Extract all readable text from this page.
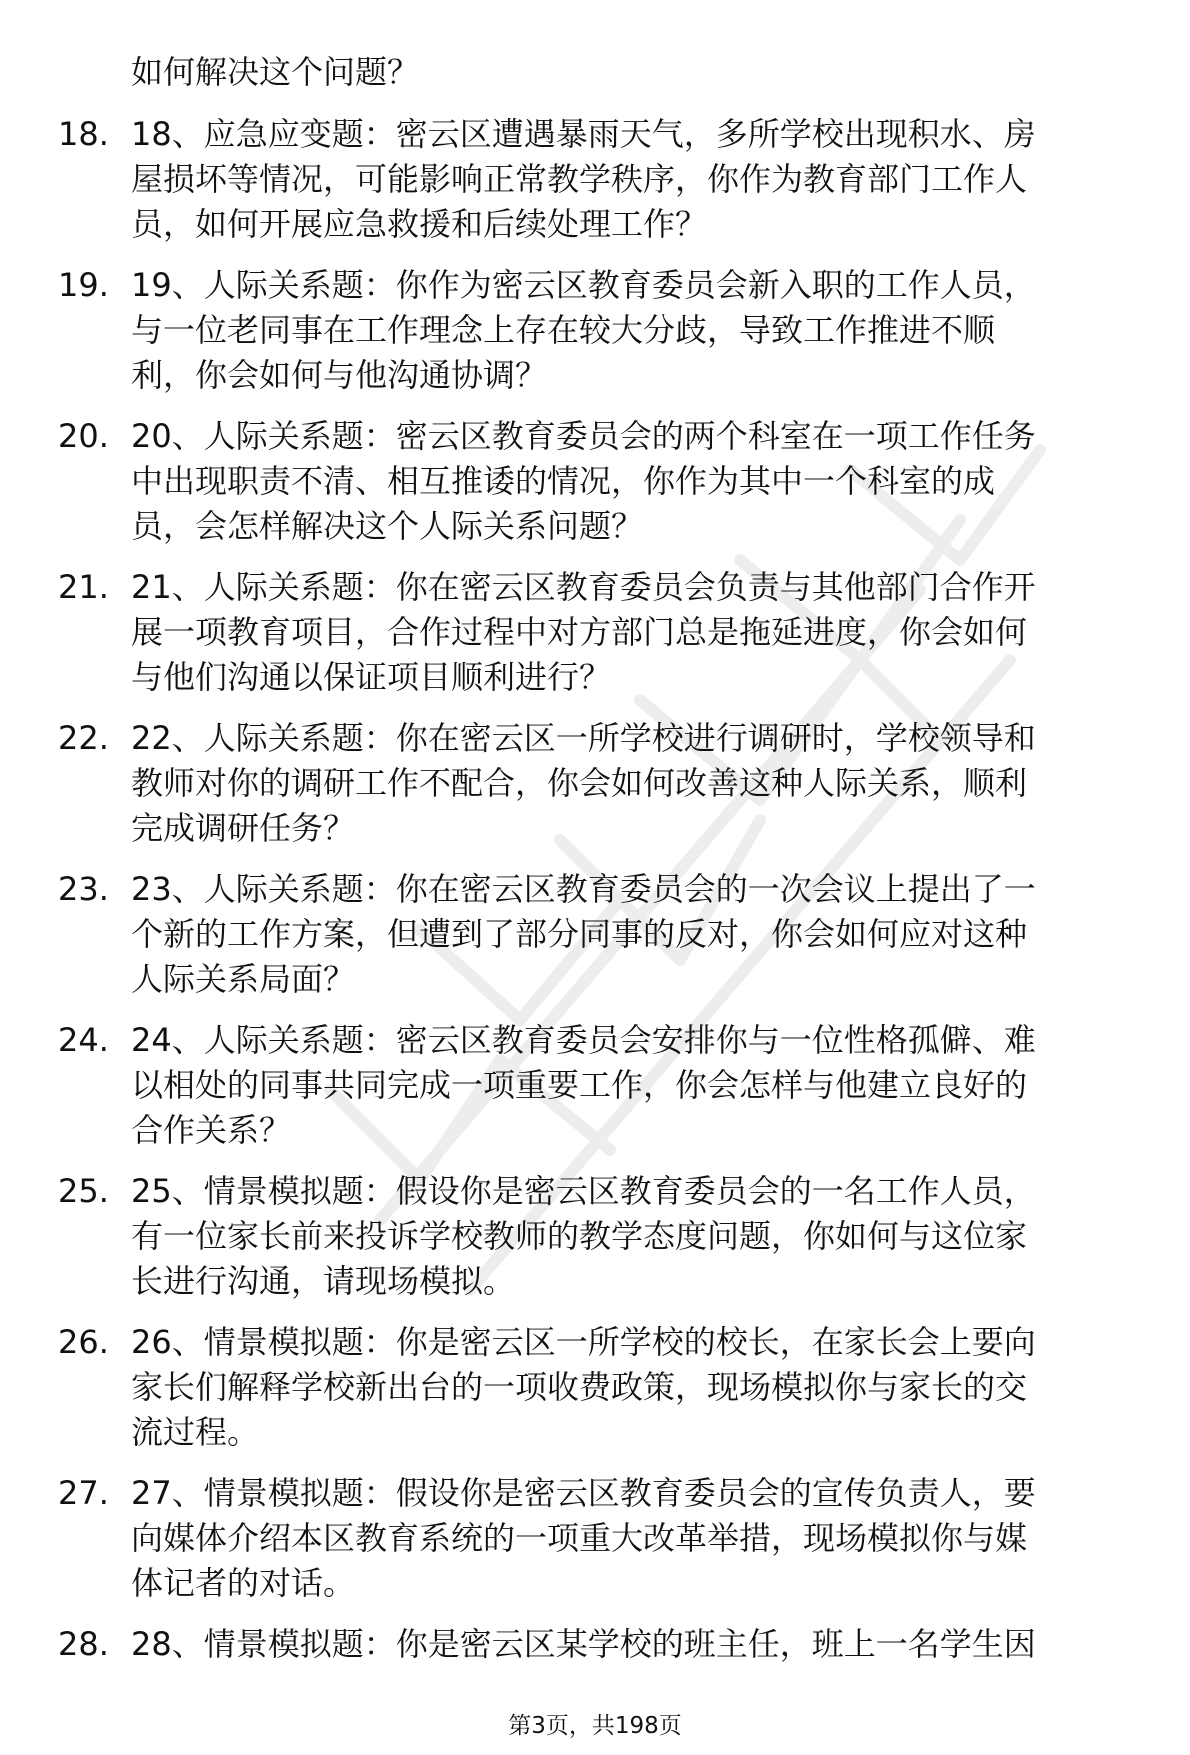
如何解决这个问题？
18. 18、应急应变题：密云区遭遇暴雨天气，多所学校出现积水、房
屋损坏等情况，可能影响正常教学秩序，你作为教育部门工作人
员，如何开展应急救援和后续处理工作？
19. 19、人际关系题：你作为密云区教育委员会新入职的工作人员，
与一位老同事在工作理念上存在较大分歧，导致工作推进不顺
利，你会如何与他沟通协调？
20. 20、人际关系题：密云区教育委员会的两个科室在一项工作任务
中出现职责不清、相互推诿的情况，你作为其中一个科室的成
员，会怎样解决这个人际关系问题？
21. 21、人际关系题：你在密云区教育委员会负责与其他部门合作开
展一项教育项目，合作过程中对方部门总是拖延进度，你会如何
与他们沟通以保证项目顺利进行？
22. 22、人际关系题：你在密云区一所学校进行调研时，学校领导和
教师对你的调研工作不配合，你会如何改善这种人际关系，顺利
完成调研任务？
23. 23、人际关系题：你在密云区教育委员会的一次会议上提出了一
个新的工作方案，但遭到了部分同事的反对，你会如何应对这种
人际关系局面？
24. 24、人际关系题：密云区教育委员会安排你与一位性格孤僻、难
以相处的同事共同完成一项重要工作，你会怎样与他建立良好的
合作关系？
25. 25、情景模拟题：假设你是密云区教育委员会的一名工作人员，
有一位家长前来投诉学校教师的教学态度问题，你如何与这位家
长进行沟通，请现场模拟。
26. 26、情景模拟题：你是密云区一所学校的校长，在家长会上要向
家长们解释学校新出台的一项收费政策，现场模拟你与家长的交
流过程。
27. 27、情景模拟题：假设你是密云区教育委员会的宣传负责人，要
向媒体介绍本区教育系统的一项重大改革举措，现场模拟你与媒
体记者的对话。
28. 28、情景模拟题：你是密云区某学校的班主任，班上一名学生因
第3页，共198页
